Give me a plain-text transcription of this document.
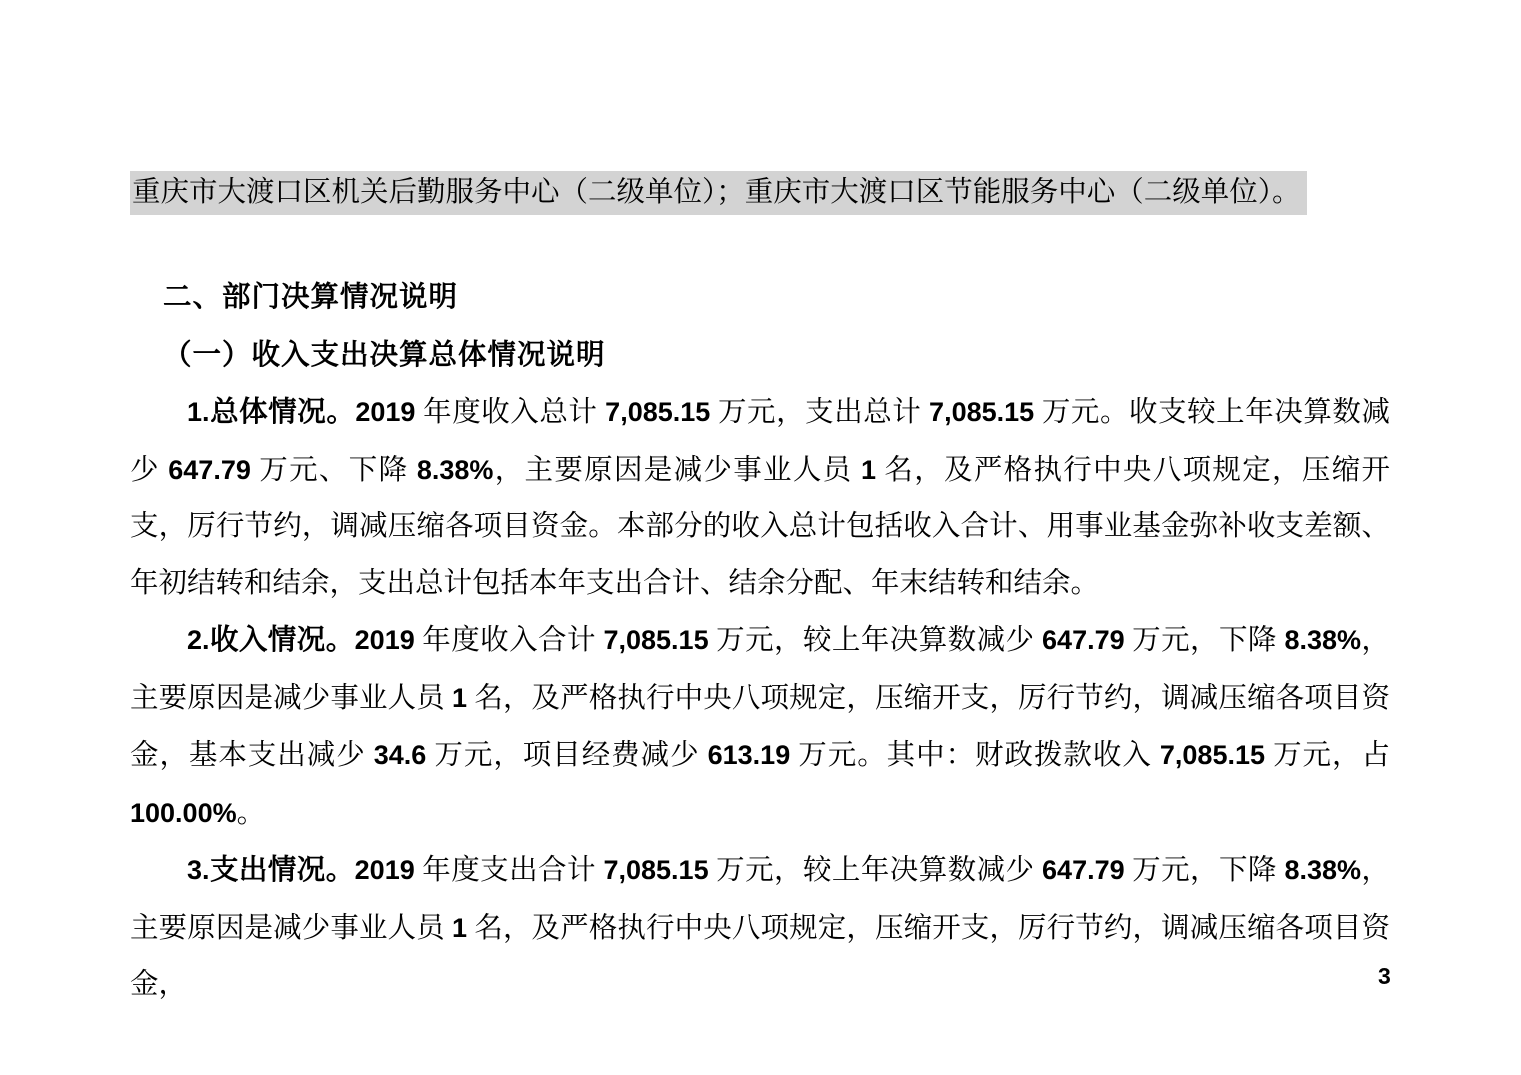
重庆市大渡口区机关后勤服务中心（二级单位）；重庆市大渡口区节能服务中心（二级单位）。
二、部门决算情况说明
（一）收入支出决算总体情况说明

1.总体情况。2019 年度收入总计 7,085.15 万元，支出总计 7,085.15 万元。收支较上年决算数减少 647.79 万元、下降 8.38%，主要原因是减少事业人员 1 名，及严格执行中央八项规定，压缩开支，厉行节约，调减压缩各项目资金。本部分的收入总计包括收入合计、用事业基金弥补收支差额、年初结转和结余，支出总计包括本年支出合计、结余分配、年末结转和结余。

2.收入情况。2019 年度收入合计 7,085.15 万元，较上年决算数减少 647.79 万元，下降 8.38%，主要原因是减少事业人员 1 名，及严格执行中央八项规定，压缩开支，厉行节约，调减压缩各项目资金，基本支出减少 34.6 万元，项目经费减少 613.19 万元。其中：财政拨款收入 7,085.15 万元，占 100.00%。

3.支出情况。2019 年度支出合计 7,085.15 万元，较上年决算数减少 647.79 万元，下降 8.38%，主要原因是减少事业人员 1 名，及严格执行中央八项规定，压缩开支，厉行节约，调减压缩各项目资金，	3
